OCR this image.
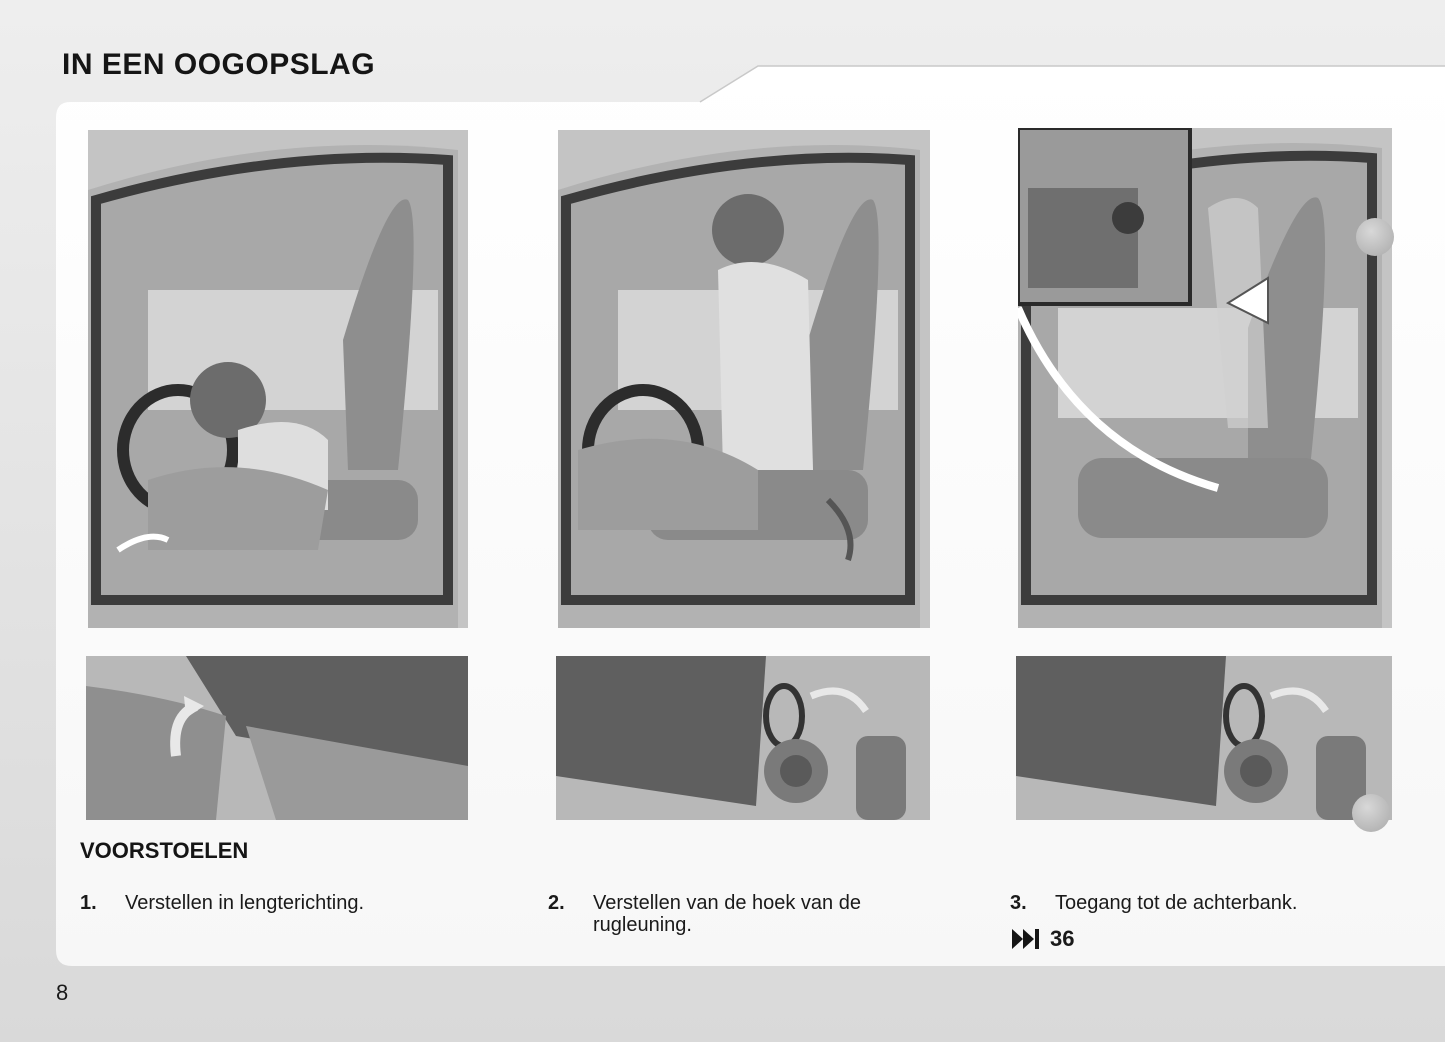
IN EEN OOGOPSLAG
VOORSTOELEN
1. Verstellen in lengterichting.	2. Verstellen van de hoek van de rugleuning.
3. Toegang tot de achterbank.
36
8
